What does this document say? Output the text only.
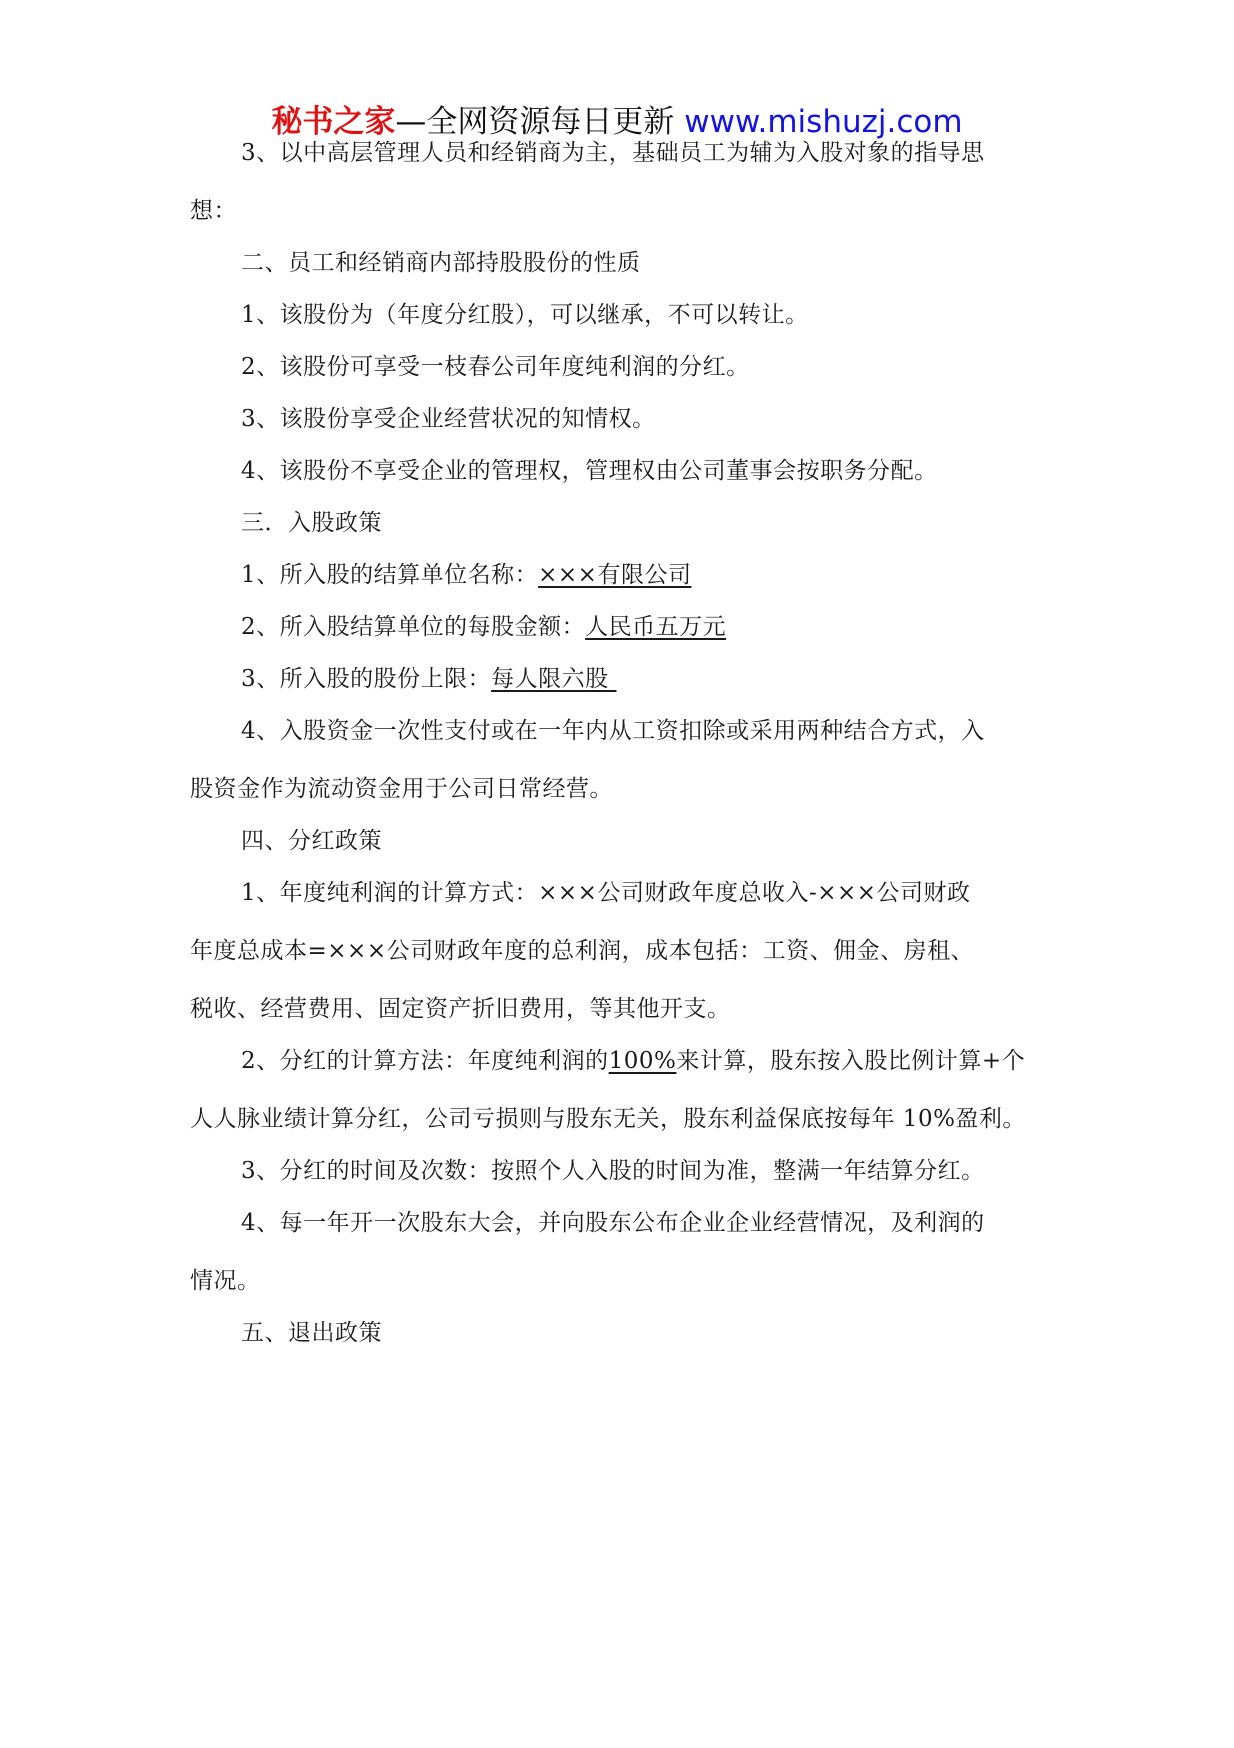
秘书之家—全网资源每日更新 www.mishuzj.com
3、以中高层管理人员和经销商为主，基础员工为辅为入股对象的指导思
想：
二、员工和经销商内部持股股份的性质
1、该股份为（年度分红股），可以继承，不可以转让。
2、该股份可享受一枝春公司年度纯利润的分红。
3、该股份享受企业经营状况的知情权。
4、该股份不享受企业的管理权，管理权由公司董事会按职务分配。
三．入股政策
1、所入股的结算单位名称：×××有限公司
2、所入股结算单位的每股金额：人民币五万元
3、所入股的股份上限：每人限六股
4、入股资金一次性支付或在一年内从工资扣除或采用两种结合方式，入
股资金作为流动资金用于公司日常经营。
四、分红政策
1、年度纯利润的计算方式：×××公司财政年度总收入-×××公司财政
年度总成本=×××公司财政年度的总利润，成本包括：工资、佣金、房租、
税收、经营费用、固定资产折旧费用，等其他开支。
2、分红的计算方法：年度纯利润的100%来计算，股东按入股比例计算+个
人人脉业绩计算分红，公司亏损则与股东无关，股东利益保底按每年 10%盈利。
3、分红的时间及次数：按照个人入股的时间为准，整满一年结算分红。
4、每一年开一次股东大会，并向股东公布企业企业经营情况，及利润的
情况。
五、退出政策
